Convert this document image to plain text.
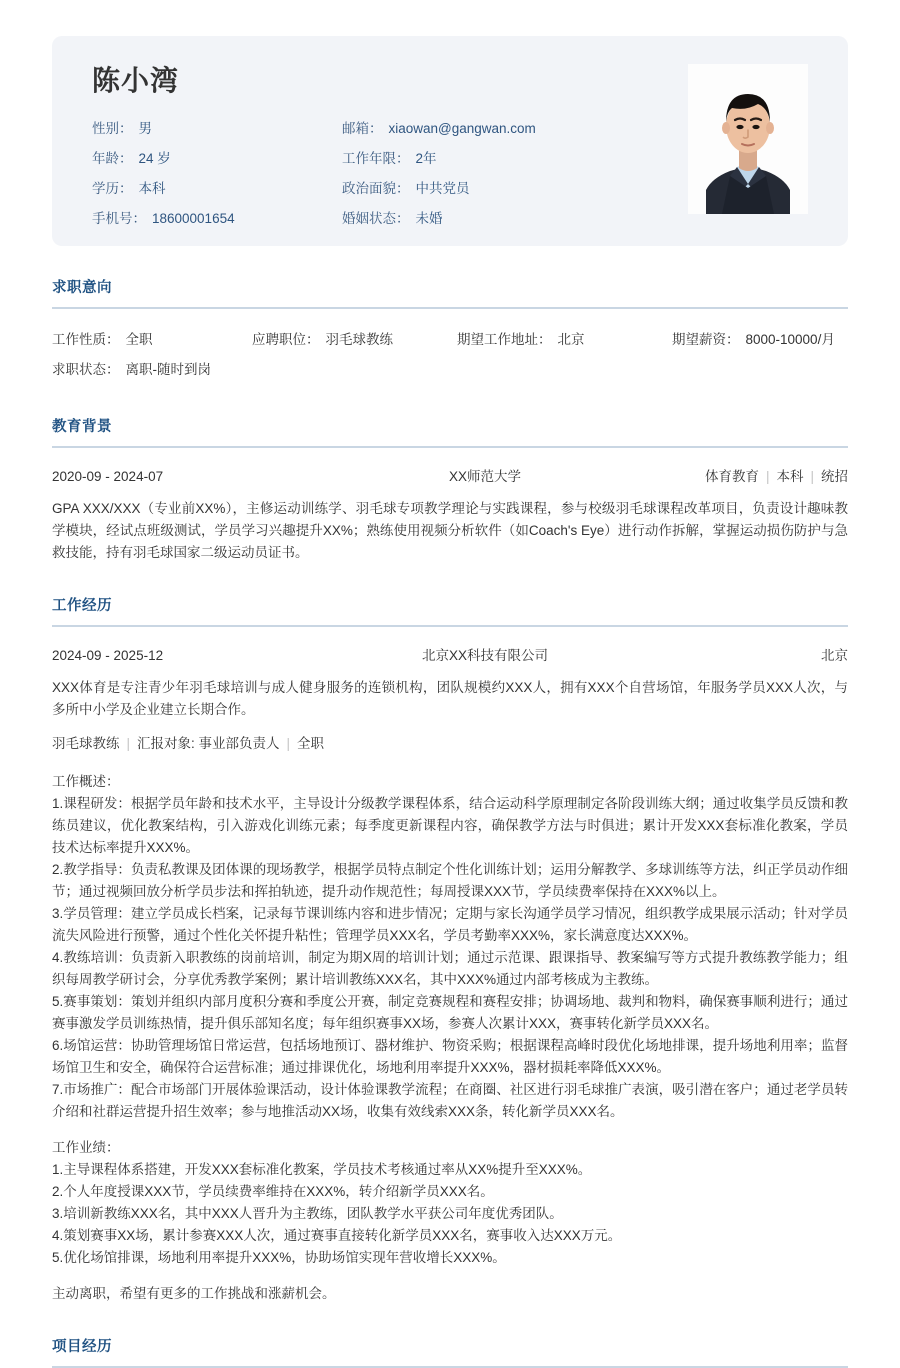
陈小湾
性别： 男	邮箱： xiaowan@gangwan.com
年龄： 24 岁	工作年限： 2年
学历： 本科	政治面貌： 中共党员
手机号： 18600001654	婚姻状态： 未婚
求职意向
工作性质： 全职	应聘职位： 羽毛球教练	期望工作地址： 北京	期望薪资： 8000-10000/月
求职状态： 离职-随时到岗
教育背景
2020-09 - 2024-07	XX师范大学	体育教育 | 本科 | 统招
GPA XXX/XXX（专业前XX%），主修运动训练学、羽毛球专项教学理论与实践课程，参与校级羽毛球课程改革项目，负责设计趣味教学模块，经试点班级测试，学员学习兴趣提升XX%；熟练使用视频分析软件（如Coach's Eye）进行动作拆解，掌握运动损伤防护与急救技能，持有羽毛球国家二级运动员证书。
工作经历
2024-09 - 2025-12	北京XX科技有限公司	北京
XXX体育是专注青少年羽毛球培训与成人健身服务的连锁机构，团队规模约XXX人，拥有XXX个自营场馆，年服务学员XXX人次，与多所中小学及企业建立长期合作。
羽毛球教练 | 汇报对象: 事业部负责人 | 全职
工作概述：
1.课程研发：根据学员年龄和技术水平，主导设计分级教学课程体系，结合运动科学原理制定各阶段训练大纲；通过收集学员反馈和教练员建议，优化教案结构，引入游戏化训练元素；每季度更新课程内容，确保教学方法与时俱进；累计开发XXX套标准化教案，学员技术达标率提升XXX%。
2.教学指导：负责私教课及团体课的现场教学，根据学员特点制定个性化训练计划；运用分解教学、多球训练等方法，纠正学员动作细节；通过视频回放分析学员步法和挥拍轨迹，提升动作规范性；每周授课XXX节，学员续费率保持在XXX%以上。
3.学员管理：建立学员成长档案，记录每节课训练内容和进步情况；定期与家长沟通学员学习情况，组织教学成果展示活动；针对学员流失风险进行预警，通过个性化关怀提升粘性；管理学员XXX名，学员考勤率XXX%，家长满意度达XXX%。
4.教练培训：负责新入职教练的岗前培训，制定为期X周的培训计划；通过示范课、跟课指导、教案编写等方式提升教练教学能力；组织每周教学研讨会，分享优秀教学案例；累计培训教练XXX名，其中XXX%通过内部考核成为主教练。
5.赛事策划：策划并组织内部月度积分赛和季度公开赛，制定竞赛规程和赛程安排；协调场地、裁判和物料，确保赛事顺利进行；通过赛事激发学员训练热情，提升俱乐部知名度；每年组织赛事XX场，参赛人次累计XXX，赛事转化新学员XXX名。
6.场馆运营：协助管理场馆日常运营，包括场地预订、器材维护、物资采购；根据课程高峰时段优化场地排课，提升场地利用率；监督场馆卫生和安全，确保符合运营标准；通过排课优化，场地利用率提升XXX%，器材损耗率降低XXX%。
7.市场推广：配合市场部门开展体验课活动，设计体验课教学流程；在商圈、社区进行羽毛球推广表演，吸引潜在客户；通过老学员转介绍和社群运营提升招生效率；参与地推活动XX场，收集有效线索XXX条，转化新学员XXX名。
工作业绩：
1.主导课程体系搭建，开发XXX套标准化教案，学员技术考核通过率从XX%提升至XXX%。
2.个人年度授课XXX节，学员续费率维持在XXX%，转介绍新学员XXX名。
3.培训新教练XXX名，其中XXX人晋升为主教练，团队教学水平获公司年度优秀团队。
4.策划赛事XX场，累计参赛XXX人次，通过赛事直接转化新学员XXX名，赛事收入达XXX万元。
5.优化场馆排课，场地利用率提升XXX%，协助场馆实现年营收增长XXX%。
主动离职，希望有更多的工作挑战和涨薪机会。
项目经历
